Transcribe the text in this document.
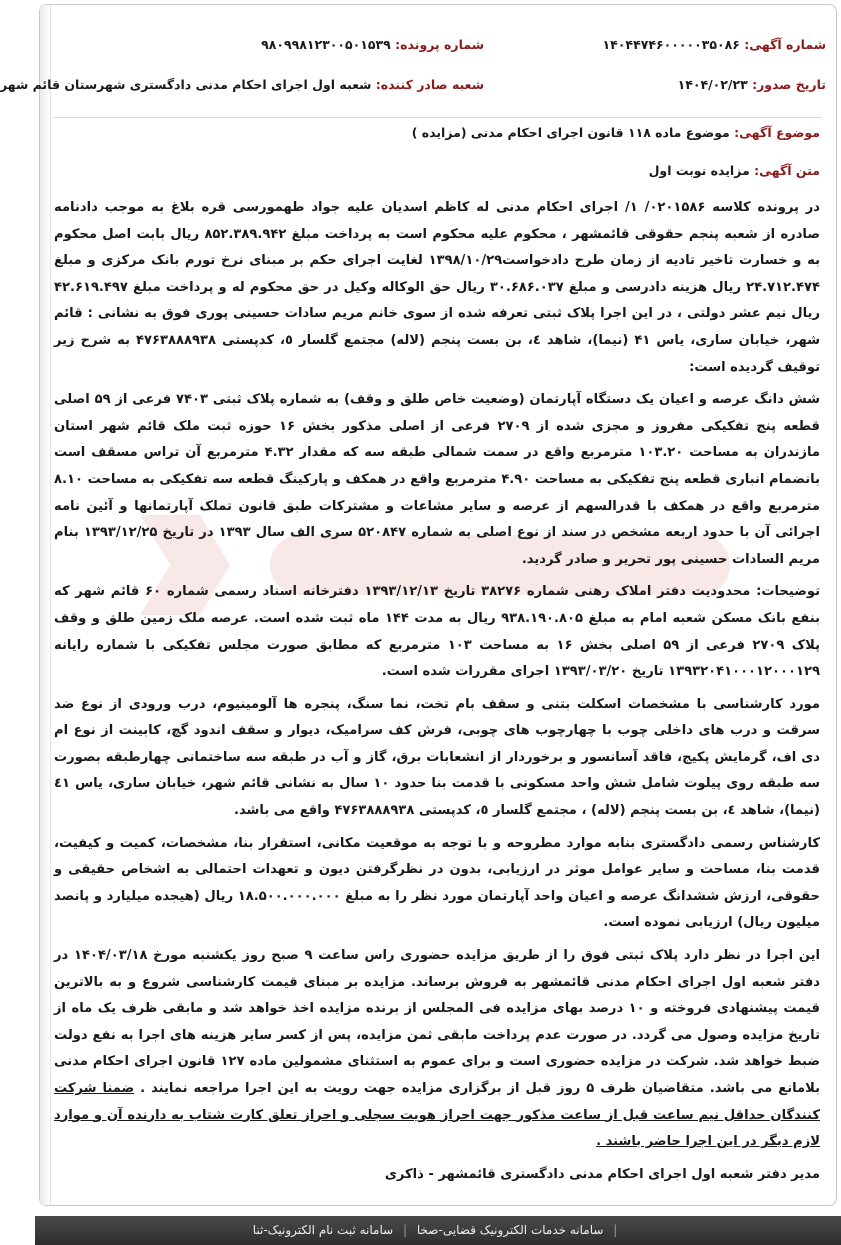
شماره آگهی: ۱۴۰۴۴۷۴۶۰۰۰۰۰۳۵۰۸۶
شماره پرونده: ۹۸۰۹۹۸۱۲۳۰۰۵۰۱۵۳۹
تاریخ صدور: ۱۴۰۴/۰۲/۲۳
شعبه صادر کننده: شعبه اول اجرای احکام مدنی دادگستری شهرستان قائم شهر
موضوع آگهی: موضوع ماده ۱۱۸ قانون اجرای احکام مدنی (مزایده )
متن آگهی: مزایده نوبت اول

در پرونده کلاسه ۰۲۰۱۵۸۶/ ۱/ اجرای احکام مدنی له کاظم اسدیان علیه جواد طهمورسی قره بلاغ به موجب دادنامه صادره از شعبه پنجم حقوقی قائمشهر ، محکوم علیه محکوم است به پرداخت مبلغ ۸۵۲.۳۸۹.۹۴۲ ریال بابت اصل محکوم به و خسارت تاخیر تادیه از زمان طرح دادخواست۱۳۹۸/۱۰/۲۹ لغایت اجرای حکم بر مبنای نرخ تورم بانک مرکزی و مبلغ ۲۴.۷۱۲.۴۷۴ ریال هزینه دادرسی و مبلغ ۳۰.۶۸۶.۰۳۷ ریال حق الوکاله وکیل در حق محکوم له و پرداخت مبلغ ۴۲.۶۱۹.۴۹۷ ریال نیم عشر دولتی ، در این اجرا پلاک ثبتی تعرفه شده از سوی خانم مریم سادات حسینی پوری فوق به نشانی : قائم شهر، خیابان ساری، یاس ۴۱ (نیما)، شاهد ٤، بن بست پنجم (لاله) مجتمع گلسار ٥، کدپستی ۴۷۶۳۸۸۸۹۳۸ به شرح زیر توقیف گردیده است:

شش دانگ عرصه و اعیان یک دستگاه آپارتمان (وضعیت خاص طلق و وقف) به شماره پلاک ثبتی ۷۴۰۳ فرعی از ۵۹ اصلی قطعه پنج تفکیکی مفروز و مجزی شده از ۲۷۰۹ فرعی از اصلی مذکور بخش ۱۶ حوزه ثبت ملک قائم شهر استان مازندران به مساحت ۱۰۳.۲۰ مترمربع واقع در سمت شمالی طبقه سه که مقدار ۴.۳۲ مترمربع آن تراس مسقف است بانضمام انباری قطعه پنج تفکیکی به مساحت ۴.۹۰ مترمربع واقع در همکف و پارکینگ قطعه سه تفکیکی به مساحت ۸.۱۰ مترمربع واقع در همکف با قدرالسهم از عرصه و سایر مشاعات و مشترکات طبق قانون تملک آپارتمانها و آئین نامه اجرائی آن با حدود اربعه مشخص در سند از نوع اصلی به شماره ۵۲۰۸۴۷ سری الف سال ۱۳۹۳ در تاریخ ۱۳۹۳/۱۲/۲۵ بنام مریم السادات حسینی پور تحریر و صادر گردید.

توضیحات: محدودیت دفتر املاک رهنی شماره ۳۸۲۷۶ تاریخ ۱۳۹۳/۱۲/۱۳ دفترخانه اسناد رسمی شماره ۶۰ قائم شهر که بنفع بانک مسکن شعبه امام به مبلغ ۹۳۸.۱۹۰.۸۰۵ ریال به مدت ۱۴۴ ماه ثبت شده است. عرصه ملک زمین طلق و وقف پلاک ۲۷۰۹ فرعی از ۵۹ اصلی بخش ۱۶ به مساحت ۱۰۳ مترمربع که مطابق صورت مجلس تفکیکی با شماره رایانه ۱۳۹۳۲۰۴۱۰۰۰۱۲۰۰۰۱۲۹ تاریخ ۱۳۹۳/۰۳/۲۰ اجرای مقررات شده است.

مورد کارشناسی با مشخصات اسکلت بتنی و سقف بام تخت، نما سنگ، پنجره ها آلومینیوم، درب ورودی از نوع ضد سرقت و درب های داخلی چوب با چهارچوب های چوبی، فرش کف سرامیک، دیوار و سقف اندود گچ، کابینت از نوع ام دی اف، گرمایش پکیج، فاقد آسانسور و برخوردار از انشعابات برق، گاز و آب در طبقه سه ساختمانی چهارطبقه بصورت سه طبقه روی پیلوت شامل شش واحد مسکونی با قدمت بنا حدود ۱۰ سال به نشانی قائم شهر، خیابان ساری، یاس ٤١ (نیما)، شاهد ٤، بن بست پنجم (لاله) ، مجتمع گلسار ٥، کدپستی ۴۷۶۳۸۸۸۹۳۸ واقع می باشد.

کارشناس رسمی دادگستری بنابه موارد مطروحه و با توجه به موقعیت مکانی، استقرار بنا، مشخصات، کمیت و کیفیت، قدمت بنا، مساحت و سایر عوامل موثر در ارزیابی، بدون در نظرگرفتن دیون و تعهدات احتمالی به اشخاص حقیقی و حقوقی، ارزش ششدانگ عرصه و اعیان واحد آپارتمان مورد نظر را به مبلغ ۱۸.۵۰۰.۰۰۰.۰۰۰ ریال (هیجده میلیارد و پانصد میلیون ریال) ارزیابی نموده است.

این اجرا در نظر دارد پلاک ثبتی فوق را از طریق مزایده حضوری راس ساعت ۹ صبح روز یکشنبه مورخ ۱۴۰۴/۰۳/۱۸ در دفتر شعبه اول اجرای احکام مدنی قائمشهر به فروش برساند. مزایده بر مبنای قیمت کارشناسی شروع و به بالاترین قیمت پیشنهادی فروخته و ۱۰ درصد بهای مزایده فی المجلس از برنده مزایده اخذ خواهد شد و مابقی ظرف یک ماه از تاریخ مزایده وصول می گردد. در صورت عدم پرداخت مابقی ثمن مزایده، پس از کسر سایر هزینه های اجرا به نفع دولت ضبط خواهد شد. شرکت در مزایده حضوری است و برای عموم به استثنای مشمولین ماده ۱۲۷ قانون اجرای احکام مدنی بلامانع می باشد. متقاضیان ظرف ۵ روز قبل از برگزاری مزایده جهت رویت به این اجرا مراجعه نمایند . ضمنا شرکت کنندگان حداقل نیم ساعت قبل از ساعت مذکور جهت احراز هویت سجلی و احراز تعلق کارت شتاب به دارنده آن و موارد لازم دیگر در این اجرا حاضر باشند .

مدیر دفتر شعبه اول اجرای احکام مدنی دادگستری قائمشهر - ذاکری

| سامانه خدمات الکترونیک قضایی-صخا | سامانه ثبت نام الکترونیک-ثنا
